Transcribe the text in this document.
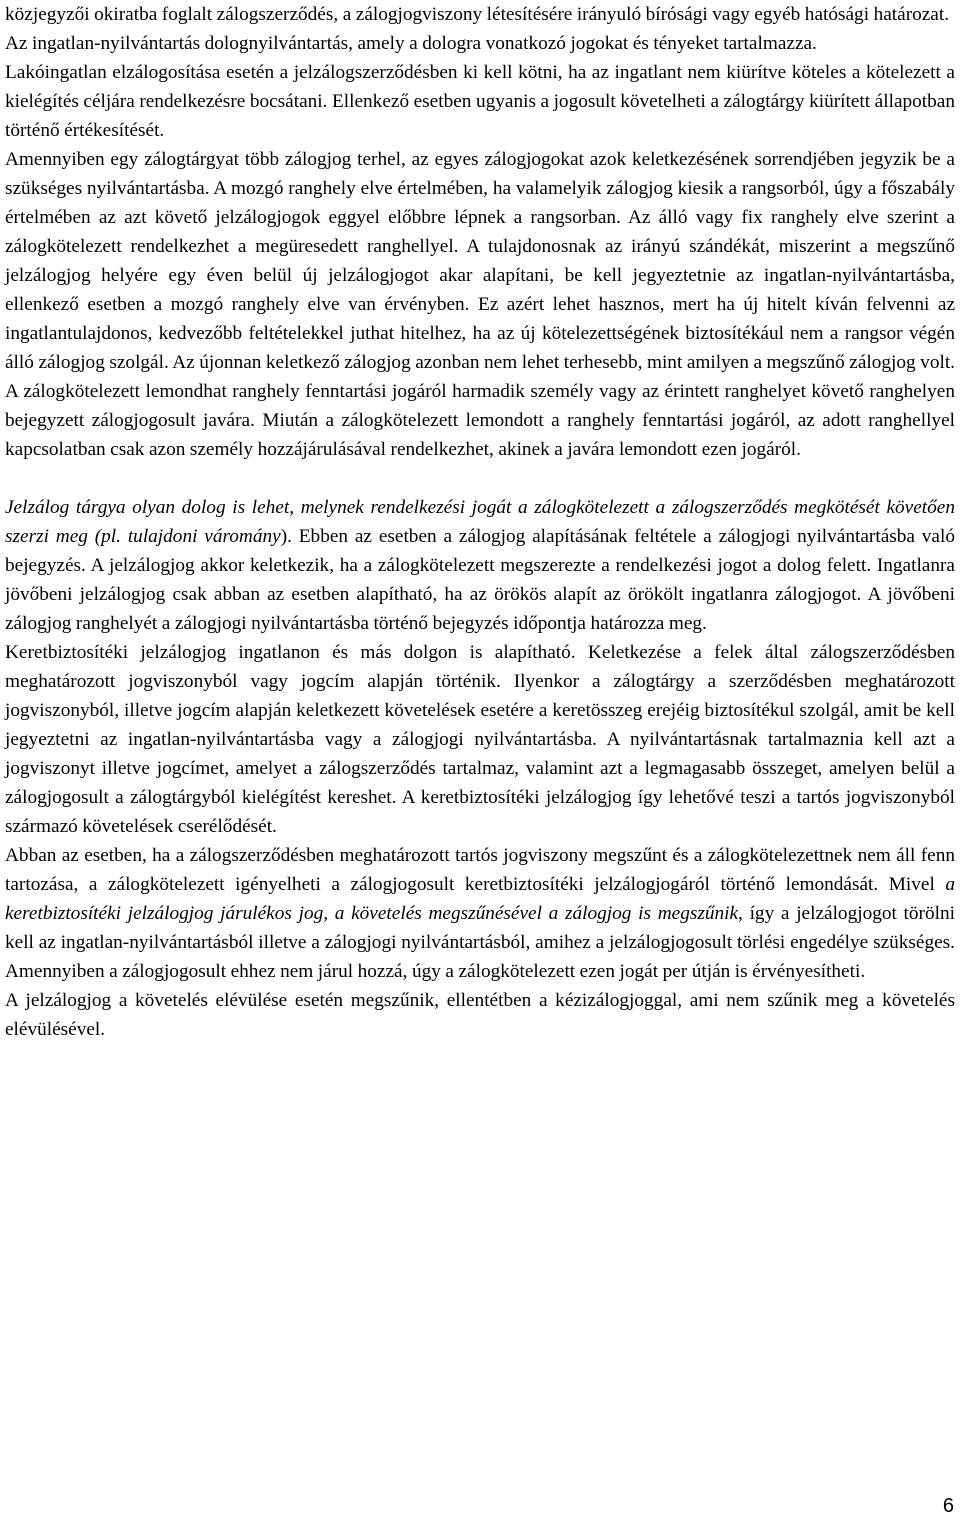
közjegyzői okiratba foglalt zálogszerződés, a zálogjogviszony létesítésére irányuló bírósági vagy egyéb hatósági határozat.

Az ingatlan-nyilvántartás dolognyilvántartás, amely a dologra vonatkozó jogokat és tényeket tartalmazza.

Lakóingatlan elzálogosítása esetén a jelzálogszerződésben ki kell kötni, ha az ingatlant nem kiürítve köteles a kötelezett a kielégítés céljára rendelkezésre bocsátani. Ellenkező esetben ugyanis a jogosult követelheti a zálogtárgy kiürített állapotban történő értékesítését.

Amennyiben egy zálogtárgyat több zálogjog terhel, az egyes zálogjogokat azok keletkezésének sorrendjében jegyzik be a szükséges nyilvántartásba. A mozgó ranghely elve értelmében, ha valamelyik zálogjog kiesik a rangsorból, úgy a főszabály értelmében az azt követő jelzálogjogok eggyel előbbre lépnek a rangsorban. Az álló vagy fix ranghely elve szerint a zálogkötelezett rendelkezhet a megüresedett ranghellyel. A tulajdonosnak az irányú szándékát, miszerint a megszűnő jelzálogjog helyére egy éven belül új jelzálogjogot akar alapítani, be kell jegyeztetnie az ingatlan-nyilvántartásba, ellenkező esetben a mozgó ranghely elve van érvényben. Ez azért lehet hasznos, mert ha új hitelt kíván felvenni az ingatlantulajdonos, kedvezőbb feltételekkel juthat hitelhez, ha az új kötelezettségének biztosítékául nem a rangsor végén álló zálogjog szolgál. Az újonnan keletkező zálogjog azonban nem lehet terhesebb, mint amilyen a megszűnő zálogjog volt. A zálogkötelezett lemondhat ranghely fenntartási jogáról harmadik személy vagy az érintett ranghelyet követő ranghelyen bejegyzett zálogjogosult javára. Miután a zálogkötelezett lemondott a ranghely fenntartási jogáról, az adott ranghellyel kapcsolatban csak azon személy hozzájárulásával rendelkezhet, akinek a javára lemondott ezen jogáról.

Jelzálog tárgya olyan dolog is lehet, melynek rendelkezési jogát a zálogkötelezett a zálogszerződés megkötését követően szerzi meg (pl. tulajdoni váromány). Ebben az esetben a zálogjog alapításának feltétele a zálogjogi nyilvántartásba való bejegyzés. A jelzálogjog akkor keletkezik, ha a zálogkötelezett megszerezte a rendelkezési jogot a dolog felett. Ingatlanra jövőbeni jelzálogjog csak abban az esetben alapítható, ha az örökös alapít az örökölt ingatlanra zálogjogot. A jövőbeni zálogjog ranghelyét a zálogjogi nyilvántartásba történő bejegyzés időpontja határozza meg.

Keretbiztosítéki jelzálogjog ingatlanon és más dolgon is alapítható. Keletkezése a felek által zálogszerződésben meghatározott jogviszonyból vagy jogcím alapján történik. Ilyenkor a zálogtárgy a szerződésben meghatározott jogviszonyból, illetve jogcím alapján keletkezett követelések esetére a keretösszeg erejéig biztosítékul szolgál, amit be kell jegyeztetni az ingatlan-nyilvántartásba vagy a zálogjogi nyilvántartásba. A nyilvántartásnak tartalmaznia kell azt a jogviszonyt illetve jogcímet, amelyet a zálogszerződés tartalmaz, valamint azt a legmagasabb összeget, amelyen belül a zálogjogosult a zálogtárgyból kielégítést kereshet. A keretbiztosítéki jelzálogjog így lehetővé teszi a tartós jogviszonyból származó követelések cserélődését.

Abban az esetben, ha a zálogszerződésben meghatározott tartós jogviszony megszűnt és a zálogkötelezettnek nem áll fenn tartozása, a zálogkötelezett igényelheti a zálogjogosult keretbiztosítéki jelzálogjogáról történő lemondását. Mivel a keretbiztosítéki jelzálogjog járulékos jog, a követelés megszűnésével a zálogjog is megszűnik, így a jelzálogjogot törölni kell az ingatlan-nyilvántartásból illetve a zálogjogi nyilvántartásból, amihez a jelzálogjogosult törlési engedélye szükséges. Amennyiben a zálogjogosult ehhez nem járul hozzá, úgy a zálogkötelezett ezen jogát per útján is érvényesítheti.

A jelzálogjog a követelés elévülése esetén megszűnik, ellentétben a kézizálogjoggal, ami nem szűnik meg a követelés elévülésével.

6
